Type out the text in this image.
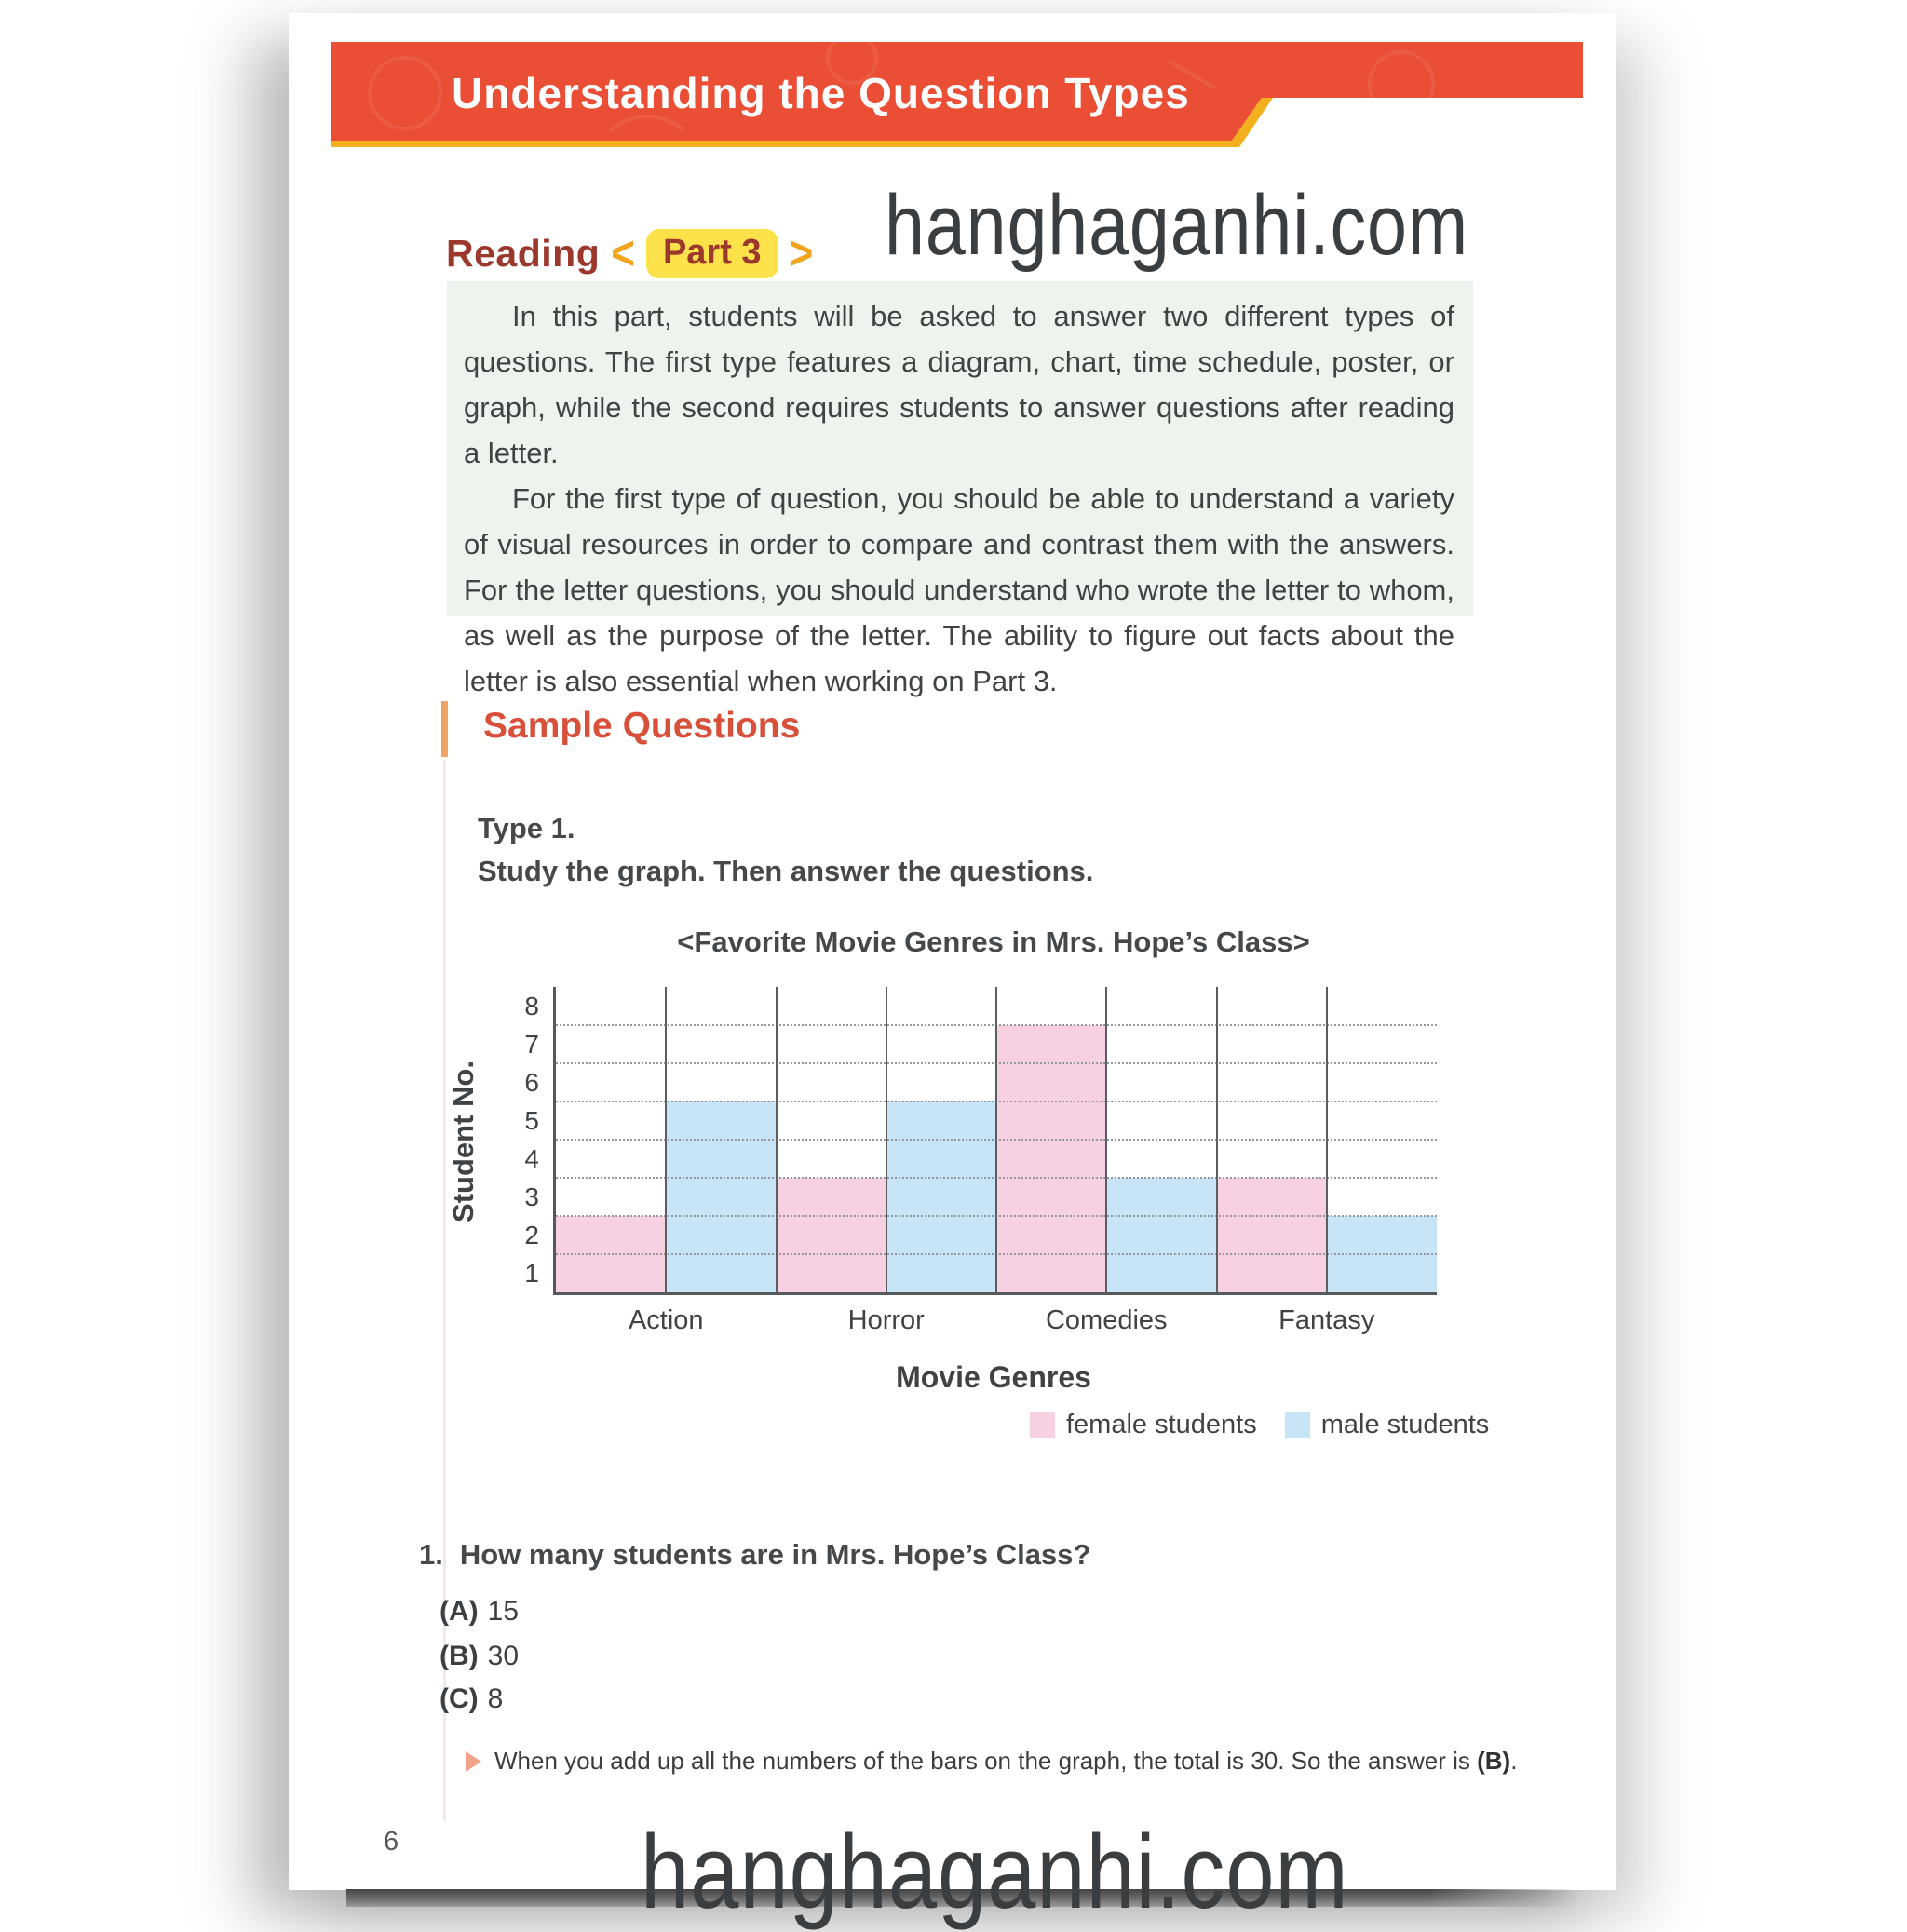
Understanding the Question Types
Reading < Part 3 >

In this part, students will be asked to answer two different types of questions. The first type features a diagram, chart, time schedule, poster, or graph, while the second requires students to answer questions after reading a letter.

For the first type of question, you should be able to understand a variety of visual resources in order to compare and contrast them with the answers. For the letter questions, you should understand who wrote the letter to whom, as well as the purpose of the letter. The ability to figure out facts about the letter is also essential when working on Part 3.

Sample Questions
Type 1.
Study the graph. Then answer the questions.
<Favorite Movie Genres in Mrs. Hope’s Class>
1
2
3
4
5
6
7
8
Action	Horror	Comedies	Fantasy
Student No.
Movie Genres
female students male students
1. How many students are in Mrs. Hope’s Class?
(A) 15
(B) 30
(C) 8
When you add up all the numbers of the bars on the graph, the total is 30. So the answer is (B).
6
hanghaganhi.com
hanghaganhi.com
